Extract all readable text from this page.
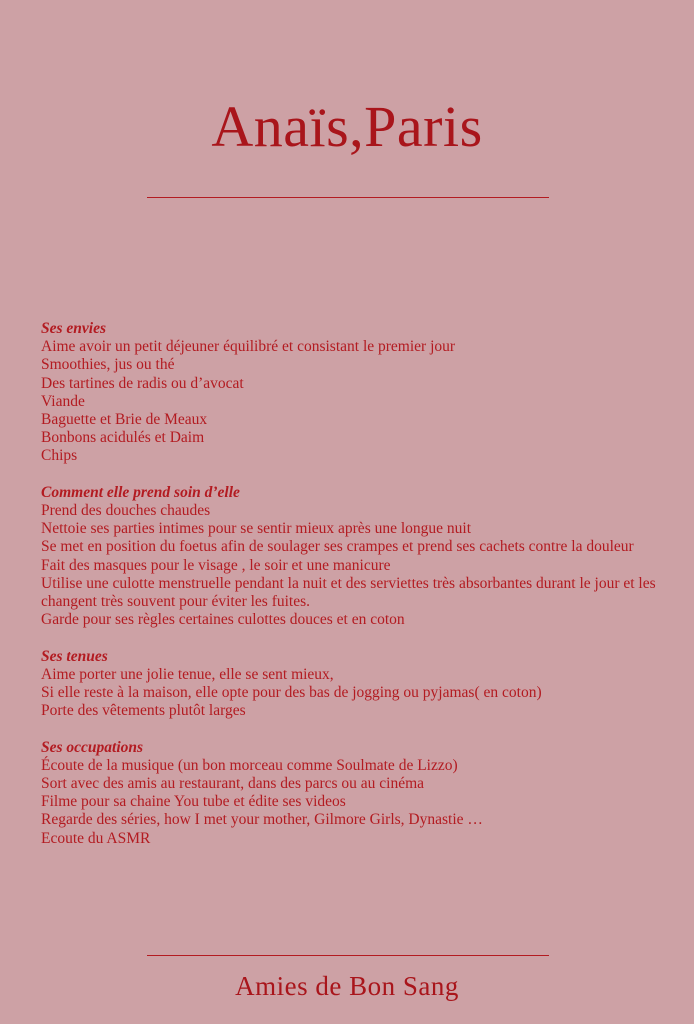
Anaïs,Paris

Ses envies

Aime avoir un petit déjeuner équilibré et consistant le premier jour

Smoothies, jus ou thé

Des tartines de radis ou d’avocat

Viande

Baguette et Brie de Meaux

Bonbons acidulés et Daim

Chips

Comment elle prend soin d’elle

Prend des douches chaudes

Nettoie ses parties intimes pour se sentir mieux après une longue nuit

Se met en position du foetus afin de soulager ses crampes et prend ses cachets contre la douleur

Fait des masques pour le visage , le soir et une manicure

Utilise une culotte menstruelle pendant la nuit et des serviettes très absorbantes durant le jour et les changent très souvent pour éviter les fuites.

Garde pour ses règles certaines culottes douces et en coton

Ses tenues

Aime porter une jolie tenue, elle se sent mieux,

Si elle reste à la maison, elle opte pour des bas de jogging ou pyjamas( en coton)

Porte des vêtements plutôt larges

Ses occupations

Écoute de la musique (un bon morceau comme Soulmate de Lizzo)

Sort avec des amis au restaurant, dans des parcs ou au cinéma

Filme pour sa chaine You tube et édite ses videos

Regarde des séries, how I met your mother, Gilmore Girls, Dynastie …

Ecoute du ASMR

Amies de Bon Sang
